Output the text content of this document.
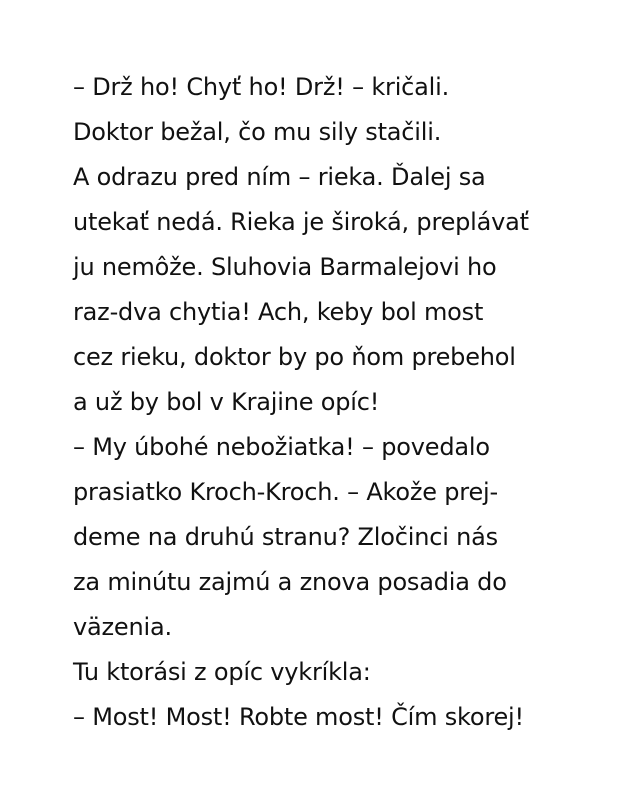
– Drž ho! Chyť ho! Drž! – kričali.
Doktor bežal, čo mu sily stačili.
A odrazu pred ním – rieka. Ďalej sa
utekať nedá. Rieka je široká, preplávať
ju nemôže. Sluhovia Barmalejovi ho
raz-dva chytia! Ach, keby bol most
cez rieku, doktor by po ňom prebehol
a už by bol v Krajine opíc!
– My úbohé nebožiatka! – povedalo
prasiatko Kroch-Kroch. – Akože prej-
deme na druhú stranu? Zločinci nás
za minútu zajmú a znova posadia do
väzenia.
Tu ktorási z opíc vykríkla:
– Most! Most! Robte most! Čím skorej!
